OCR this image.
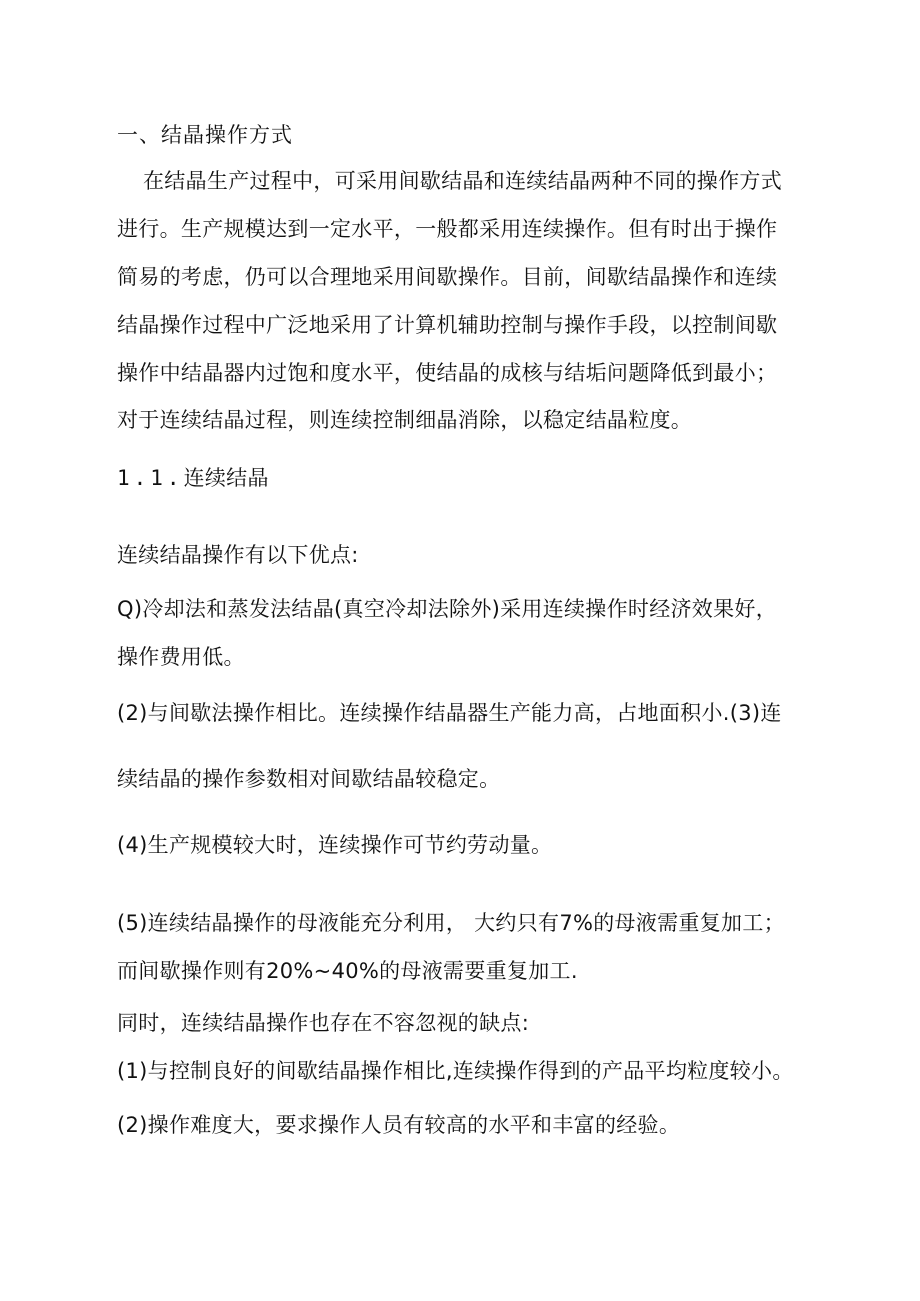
一、结晶操作方式
在结晶生产过程中，可采用间歇结晶和连续结晶两种不同的操作方式
进行。生产规模达到一定水平，一般都采用连续操作。但有时出于操作
简易的考虑，仍可以合理地采用间歇操作。目前，间歇结晶操作和连续
结晶操作过程中广泛地采用了计算机辅助控制与操作手段，以控制间歇
操作中结晶器内过饱和度水平，使结晶的成核与结垢问题降低到最小；
对于连续结晶过程，则连续控制细晶消除，以稳定结晶粒度。
1.1.连续结晶
连续结晶操作有以下优点:
Q)冷却法和蒸发法结晶(真空冷却法除外)采用连续操作时经济效果好，
操作费用低。
(2)与间歇法操作相比。连续操作结晶器生产能力高，占地面积小.(3)连
续结晶的操作参数相对间歇结晶较稳定。
(4)生产规模较大时，连续操作可节约劳动量。
(5)连续结晶操作的母液能充分利用， 大约只有7%的母液需重复加工；
而间歇操作则有20%~40%的母液需要重复加工.
同时，连续结晶操作也存在不容忽视的缺点:
(1)与控制良好的间歇结晶操作相比,连续操作得到的产品平均粒度较小。
(2)操作难度大，要求操作人员有较高的水平和丰富的经验。
